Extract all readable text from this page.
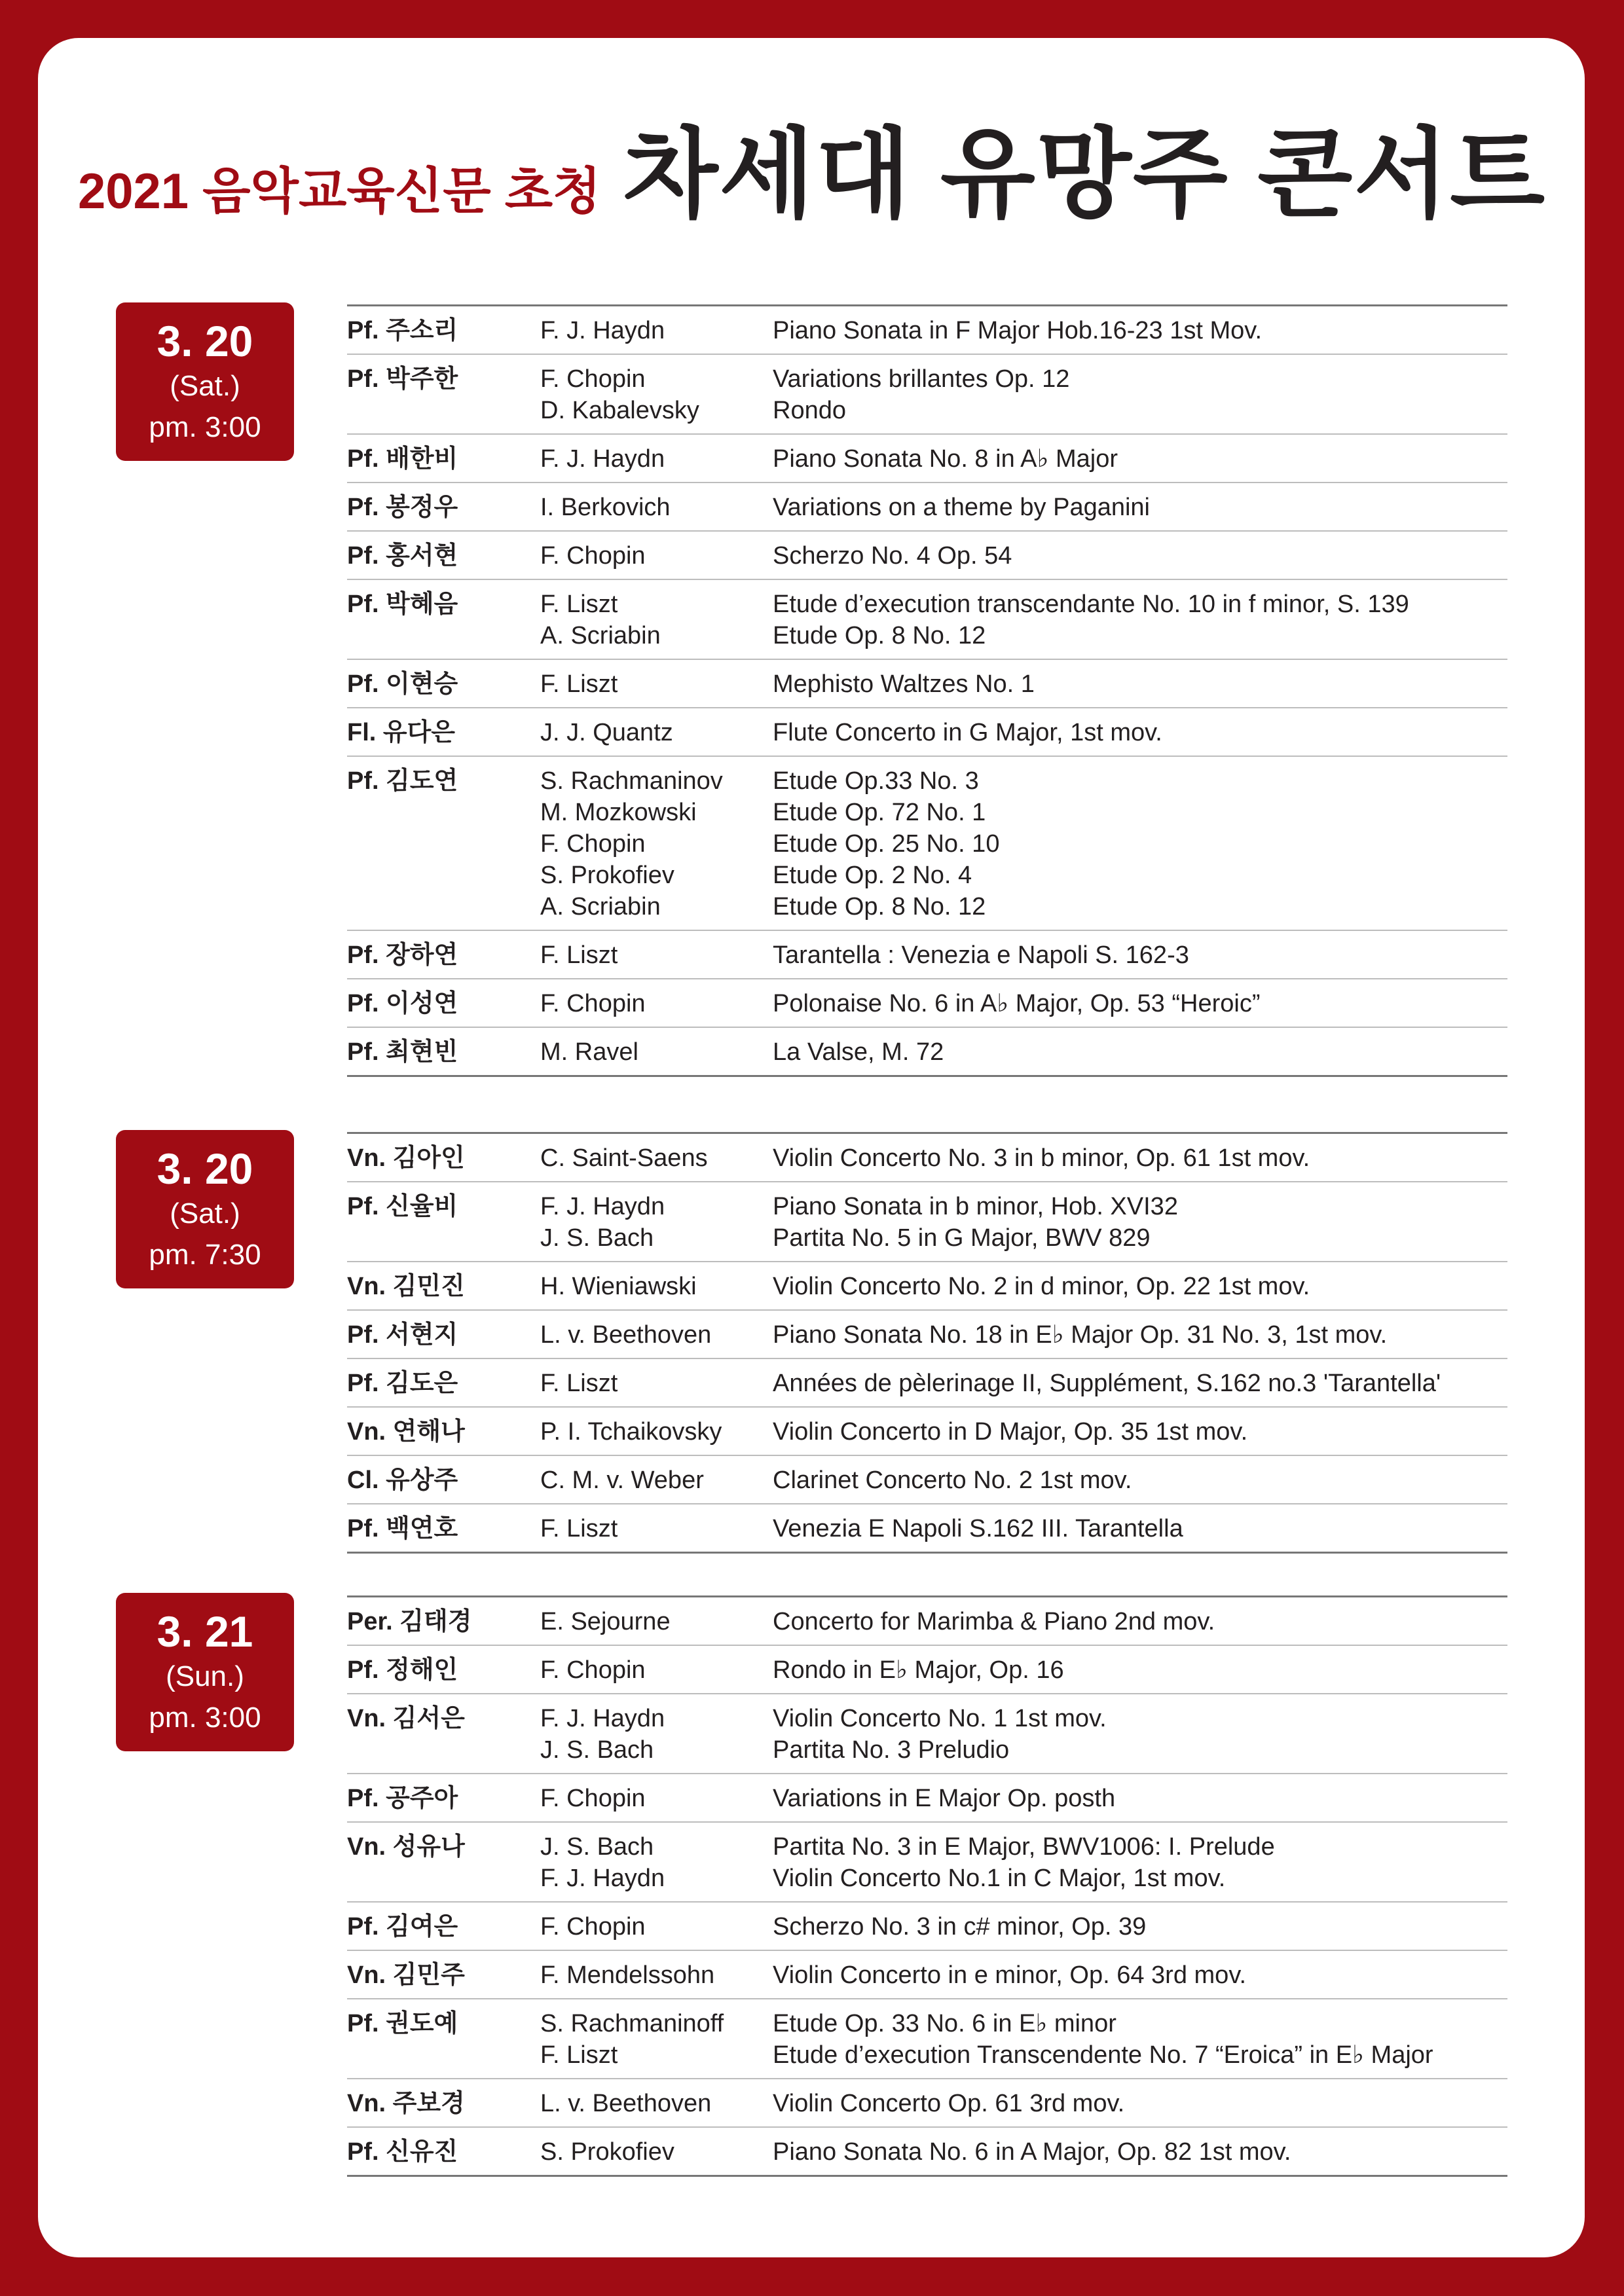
2021 음악교육신문 초청 차세대 유망주 콘서트
3. 20
(Sat.)
pm. 3:00
Pf. 주소리	F. J. Haydn	Piano Sonata in F Major Hob.16-23 1st Mov.
Pf. 박주한	F. Chopin	Variations brillantes Op. 12
D. Kabalevsky	Rondo
Pf. 배한비	F. J. Haydn	Piano Sonata No. 8 in A♭ Major
Pf. 봉정우	I. Berkovich	Variations on a theme by Paganini
Pf. 홍서현	F. Chopin	Scherzo No. 4 Op. 54
Pf. 박혜음	F. Liszt	Etude d’execution transcendante No. 10 in f minor, S. 139
A. Scriabin	Etude Op. 8 No. 12
Pf. 이현승	F. Liszt	Mephisto Waltzes No. 1
Fl. 유다은	J. J. Quantz	Flute Concerto in G Major, 1st mov.
Pf. 김도연	S. Rachmaninov	Etude Op.33 No. 3
M. Mozkowski	Etude Op. 72 No. 1
F. Chopin	Etude Op. 25 No. 10
S. Prokofiev	Etude Op. 2 No. 4
A. Scriabin	Etude Op. 8 No. 12
Pf. 장하연	F. Liszt	Tarantella : Venezia e Napoli S. 162-3
Pf. 이성연	F. Chopin	Polonaise No. 6 in A♭ Major, Op. 53 “Heroic”
Pf. 최현빈	M. Ravel	La Valse, M. 72
3. 20
(Sat.)
pm. 7:30
Vn. 김아인	C. Saint-Saens	Violin Concerto No. 3 in b minor, Op. 61 1st mov.
Pf. 신율비	F. J. Haydn	Piano Sonata in b minor, Hob. XVI32
J. S. Bach	Partita No. 5 in G Major, BWV 829
Vn. 김민진	H. Wieniawski	Violin Concerto No. 2 in d minor, Op. 22 1st mov.
Pf. 서현지	L. v. Beethoven	Piano Sonata No. 18 in E♭ Major Op. 31 No. 3, 1st mov.
Pf. 김도은	F. Liszt	Années de pèlerinage II, Supplément, S.162 no.3 'Tarantella'
Vn. 연해나	P. I. Tchaikovsky	Violin Concerto in D Major, Op. 35 1st mov.
Cl. 유상주	C. M. v. Weber	Clarinet Concerto No. 2 1st mov.
Pf. 백연호	F. Liszt	Venezia E Napoli S.162 III. Tarantella
3. 21
(Sun.)
pm. 3:00
Per. 김태경	E. Sejourne	Concerto for Marimba & Piano 2nd mov.
Pf. 정해인	F. Chopin	Rondo in E♭ Major, Op. 16
Vn. 김서은	F. J. Haydn	Violin Concerto No. 1 1st mov.
J. S. Bach	Partita No. 3 Preludio
Pf. 공주아	F. Chopin	Variations in E Major Op. posth
Vn. 성유나	J. S. Bach	Partita No. 3 in E Major, BWV1006: I. Prelude
F. J. Haydn	Violin Concerto No.1 in C Major, 1st mov.
Pf. 김여은	F. Chopin	Scherzo No. 3 in c# minor, Op. 39
Vn. 김민주	F. Mendelssohn	Violin Concerto in e minor, Op. 64 3rd mov.
Pf. 권도예	S. Rachmaninoff	Etude Op. 33 No. 6 in E♭ minor
F. Liszt	Etude d’execution Transcendente No. 7 “Eroica” in E♭ Major
Vn. 주보경	L. v. Beethoven	Violin Concerto Op. 61 3rd mov.
Pf. 신유진	S. Prokofiev	Piano Sonata No. 6 in A Major, Op. 82 1st mov.
